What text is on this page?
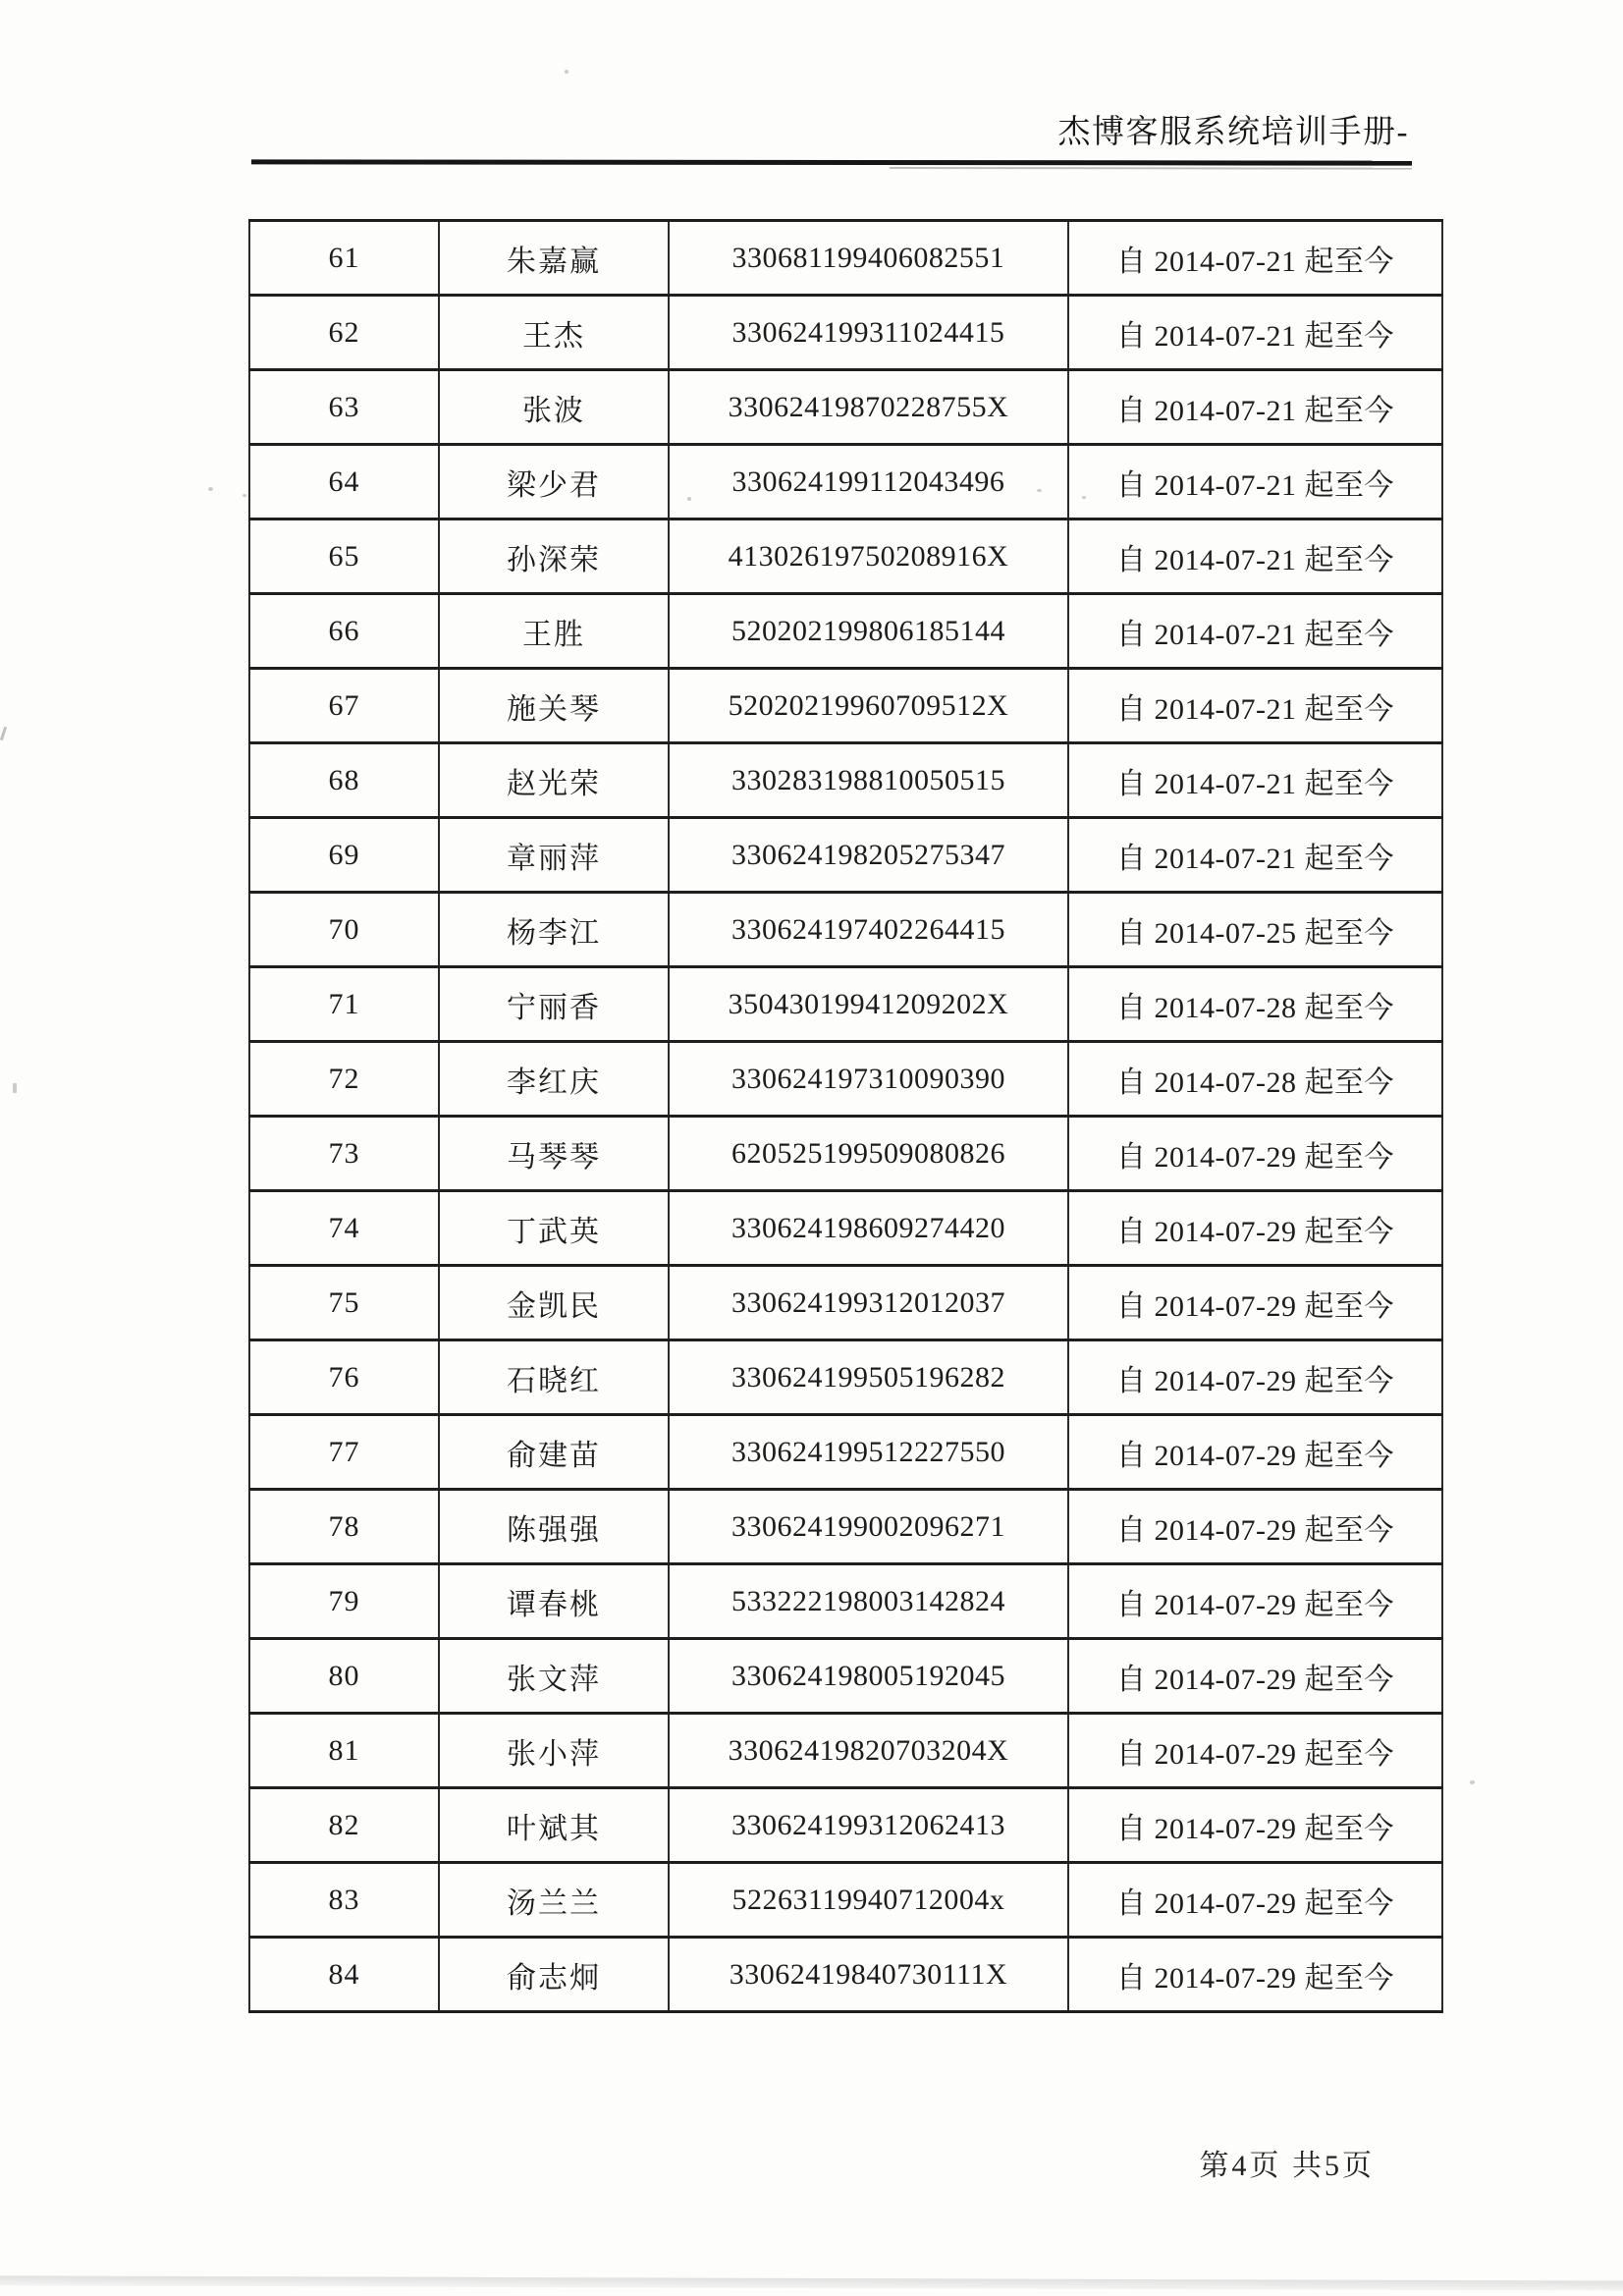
杰博客服系统培训手册-
61	朱嘉赢	330681199406082551	自 2014-07-21 起至今
62	王杰	330624199311024415	自 2014-07-21 起至今
63	张波	33062419870228755X	自 2014-07-21 起至今
64	梁少君	330624199112043496	自 2014-07-21 起至今
65	孙深荣	41302619750208916X	自 2014-07-21 起至今
66	王胜	520202199806185144	自 2014-07-21 起至今
67	施关琴	52020219960709512X	自 2014-07-21 起至今
68	赵光荣	330283198810050515	自 2014-07-21 起至今
69	章丽萍	330624198205275347	自 2014-07-21 起至今
70	杨李江	330624197402264415	自 2014-07-25 起至今
71	宁丽香	35043019941209202X	自 2014-07-28 起至今
72	李红庆	330624197310090390	自 2014-07-28 起至今
73	马琴琴	620525199509080826	自 2014-07-29 起至今
74	丁武英	330624198609274420	自 2014-07-29 起至今
75	金凯民	330624199312012037	自 2014-07-29 起至今
76	石晓红	330624199505196282	自 2014-07-29 起至今
77	俞建苗	330624199512227550	自 2014-07-29 起至今
78	陈强强	330624199002096271	自 2014-07-29 起至今
79	谭春桃	533222198003142824	自 2014-07-29 起至今
80	张文萍	330624198005192045	自 2014-07-29 起至今
81	张小萍	33062419820703204X	自 2014-07-29 起至今
82	叶斌其	330624199312062413	自 2014-07-29 起至今
83	汤兰兰	52263119940712004x	自 2014-07-29 起至今
84	俞志炯	33062419840730111X	自 2014-07-29 起至今
第4页 共5页
